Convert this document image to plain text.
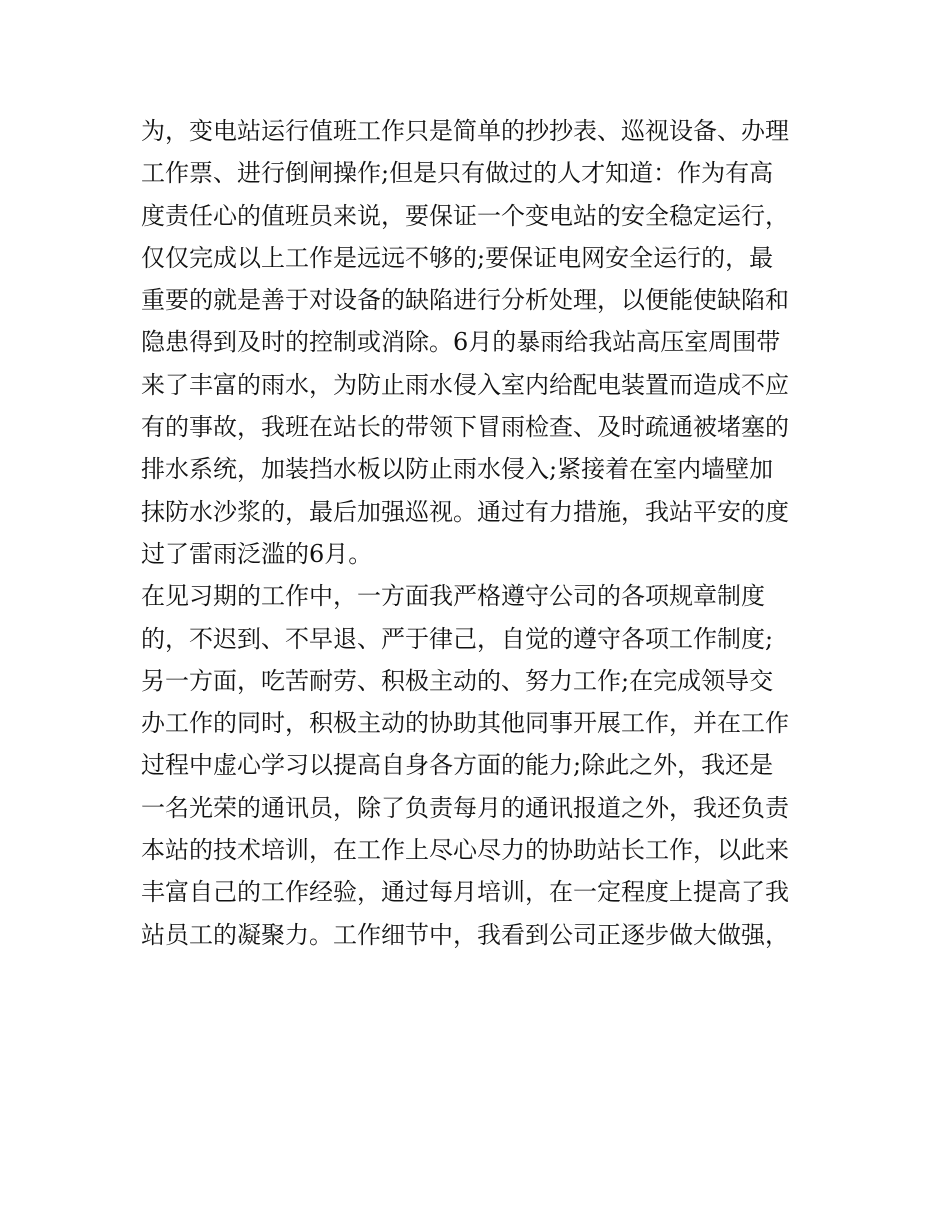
为，变电站运行值班工作只是简单的抄抄表、巡视设备、办理
工作票、进行倒闸操作;但是只有做过的人才知道：作为有高
度责任心的值班员来说，要保证一个变电站的安全稳定运行，
仅仅完成以上工作是远远不够的;要保证电网安全运行的，最
重要的就是善于对设备的缺陷进行分析处理，以便能使缺陷和
隐患得到及时的控制或消除。6月的暴雨给我站高压室周围带
来了丰富的雨水，为防止雨水侵入室内给配电装置而造成不应
有的事故，我班在站长的带领下冒雨检查、及时疏通被堵塞的
排水系统，加装挡水板以防止雨水侵入;紧接着在室内墙壁加
抹防水沙浆的，最后加强巡视。通过有力措施，我站平安的度
过了雷雨泛滥的6月。
在见习期的工作中，一方面我严格遵守公司的各项规章制度
的，不迟到、不早退、严于律己，自觉的遵守各项工作制度;
另一方面，吃苦耐劳、积极主动的、努力工作;在完成领导交
办工作的同时，积极主动的协助其他同事开展工作，并在工作
过程中虚心学习以提高自身各方面的能力;除此之外，我还是
一名光荣的通讯员，除了负责每月的通讯报道之外，我还负责
本站的技术培训，在工作上尽心尽力的协助站长工作，以此来
丰富自己的工作经验，通过每月培训，在一定程度上提高了我
站员工的凝聚力。工作细节中，我看到公司正逐步做大做强，
